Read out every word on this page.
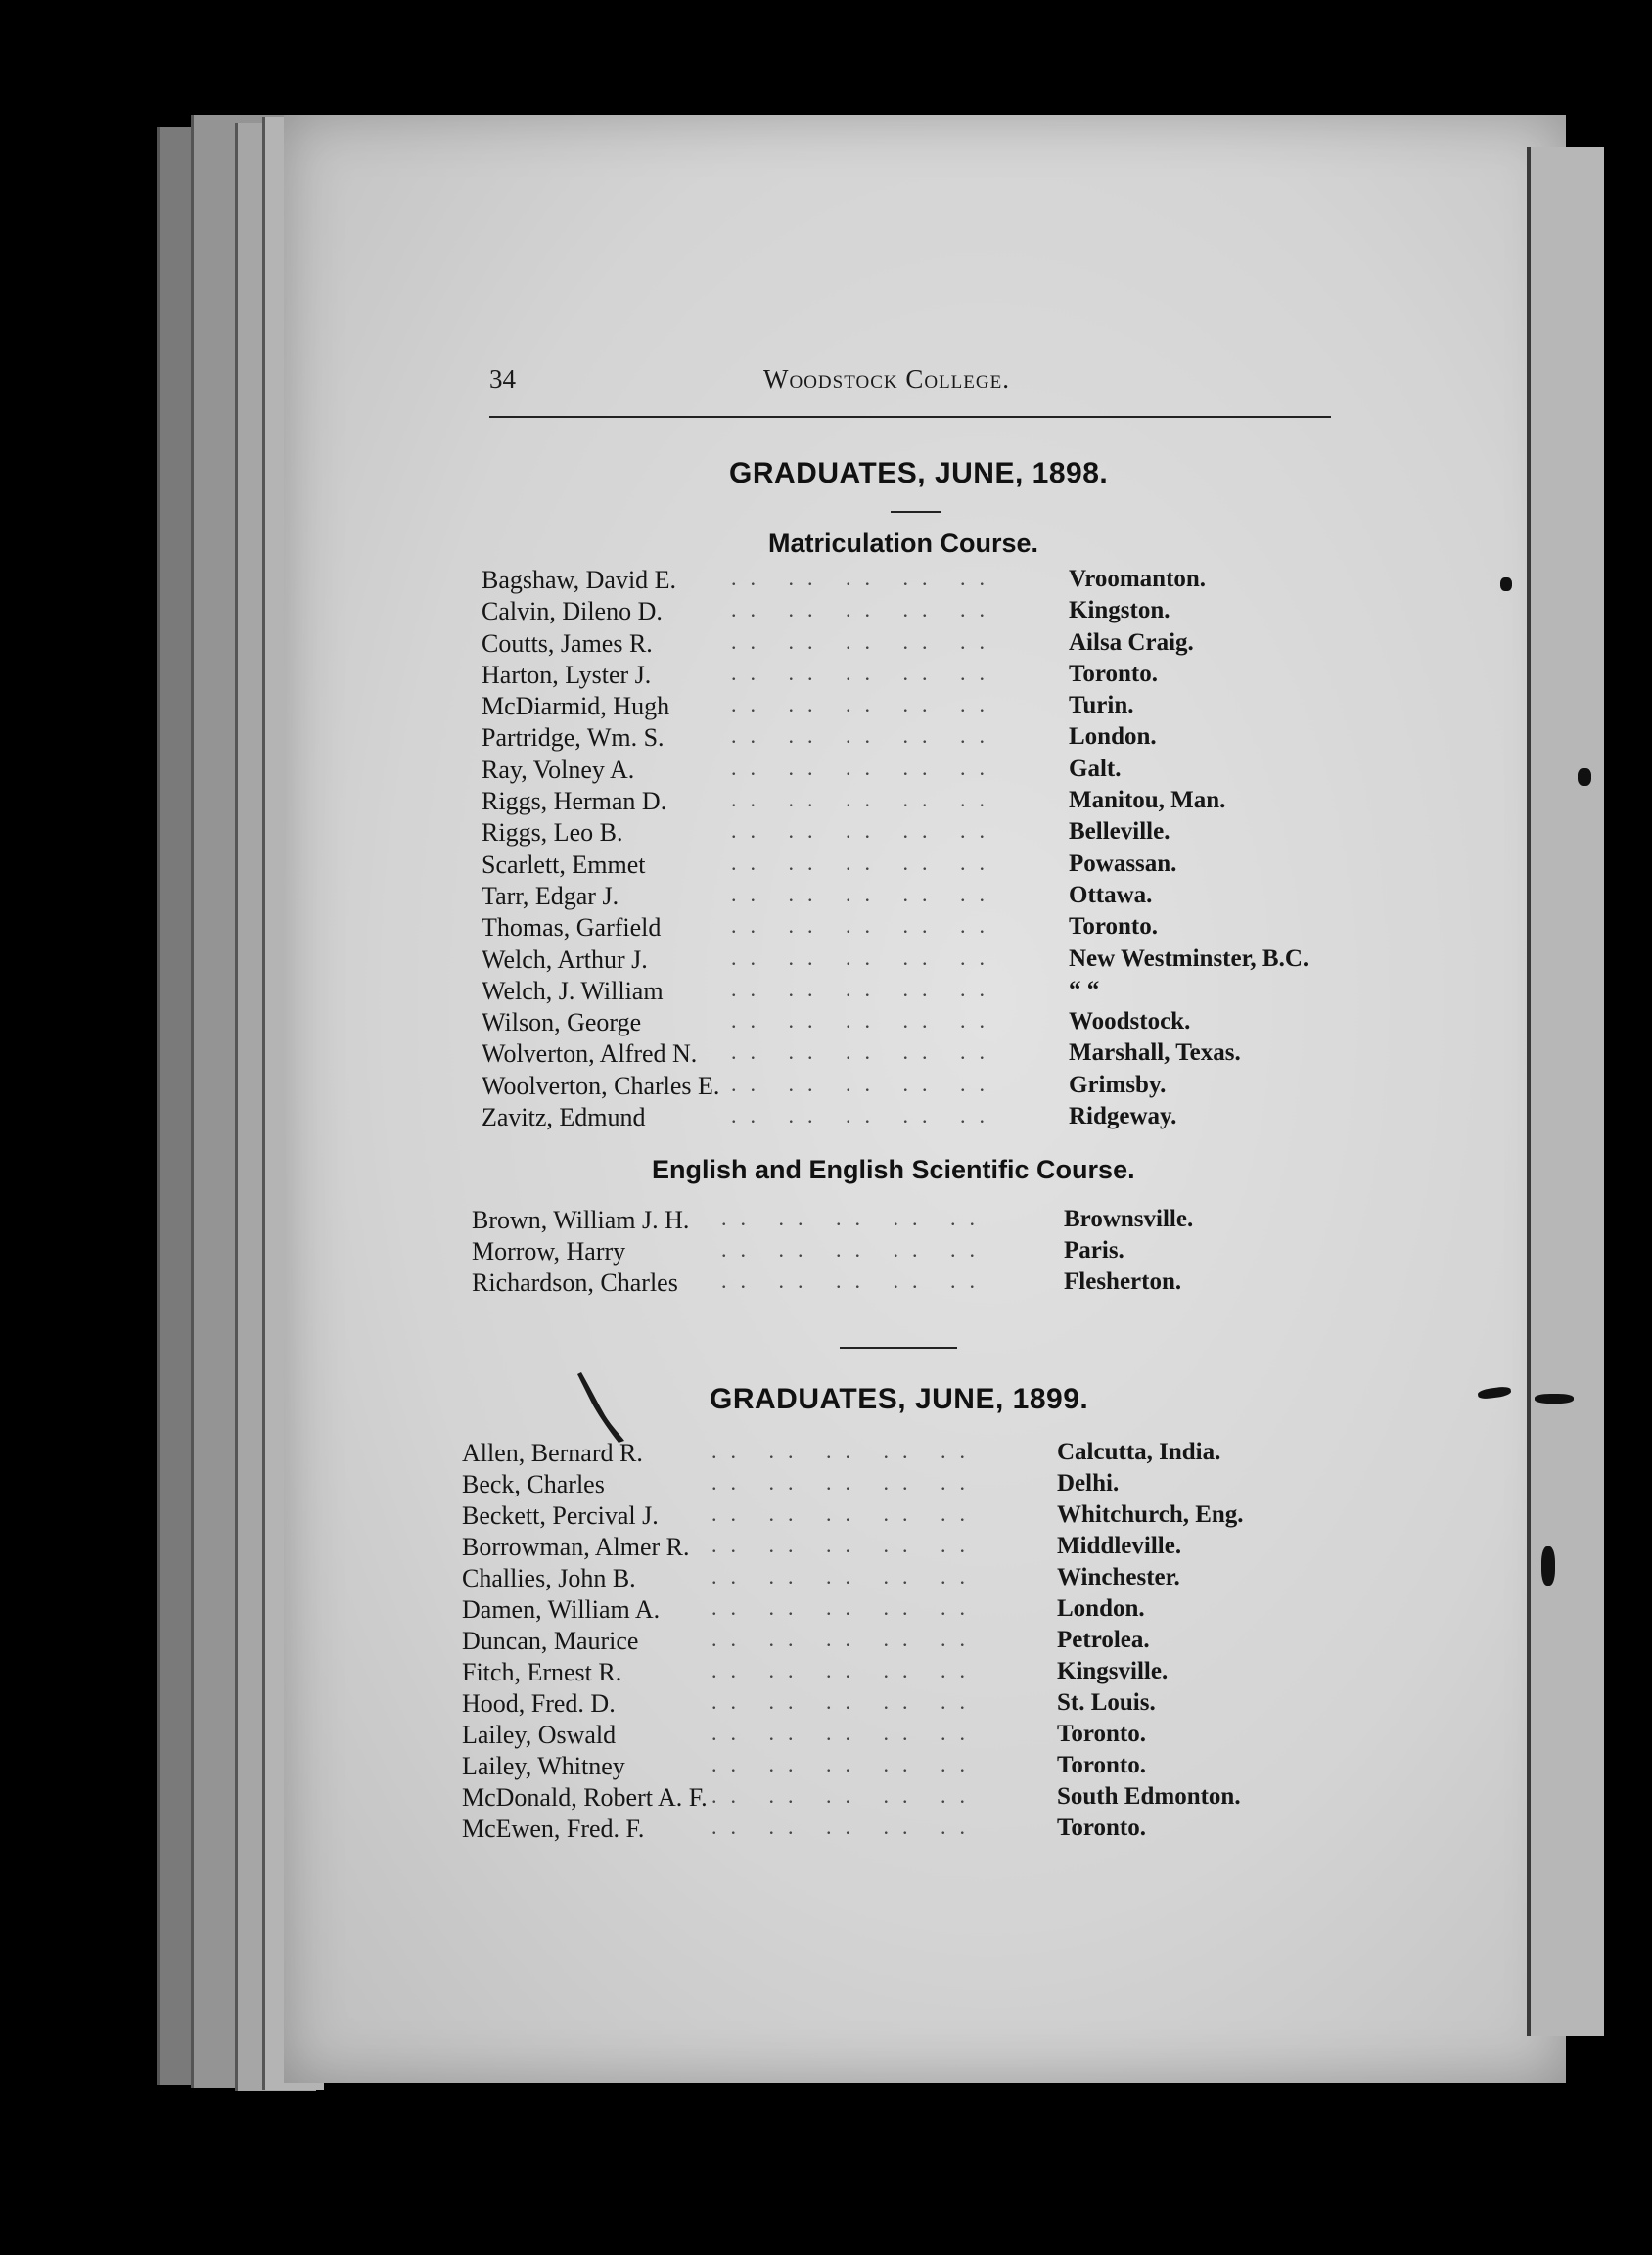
34	Woodstock College.
GRADUATES, JUNE, 1898.
Matriculation Course.
Bagshaw, David E.	.. .. .. .. ..	Vroomanton.
Calvin, Dileno D.	.. .. .. .. ..	Kingston.
Coutts, James R.	.. .. .. .. ..	Ailsa Craig.
Harton, Lyster J.	.. .. .. .. ..	Toronto.
McDiarmid, Hugh	.. .. .. .. ..	Turin.
Partridge, Wm. S.	.. .. .. .. ..	London.
Ray, Volney A.	.. .. .. .. ..	Galt.
Riggs, Herman D.	.. .. .. .. ..	Manitou, Man.
Riggs, Leo B.	.. .. .. .. ..	Belleville.
Scarlett, Emmet	.. .. .. .. ..	Powassan.
Tarr, Edgar J.	.. .. .. .. ..	Ottawa.
Thomas, Garfield	.. .. .. .. ..	Toronto.
Welch, Arthur J.	.. .. .. .. ..	New Westminster, B.C.
Welch, J. William	.. .. .. .. ..	“ “
Wilson, George	.. .. .. .. ..	Woodstock.
Wolverton, Alfred N. .. .. .. .. ..	Marshall, Texas.
Woolverton, Charles E. .. .. .. .. ..	Grimsby.
Zavitz, Edmund	.. .. .. .. ..	Ridgeway.
English and English Scientific Course.
Brown, William J. H. .. .. .. .. ..	Brownsville.
Morrow, Harry	.. .. .. .. ..	Paris.
Richardson, Charles .. .. .. .. ..	Flesherton.
GRADUATES, JUNE, 1899.
Allen, Bernard R.	.. .. .. .. ..	Calcutta, India.
Beck, Charles	.. .. .. .. ..	Delhi.
Beckett, Percival J. .. .. .. .. ..	Whitchurch, Eng.
Borrowman, Almer R. .. .. .. .. ..	Middleville.
Challies, John B.	.. .. .. .. ..	Winchester.
Damen, William A. .. .. .. .. ..	London.
Duncan, Maurice	.. .. .. .. ..	Petrolea.
Fitch, Ernest R.	.. .. .. .. ..	Kingsville.
Hood, Fred. D.	.. .. .. .. ..	St. Louis.
Lailey, Oswald	.. .. .. .. ..	Toronto.
Lailey, Whitney	.. .. .. .. ..	Toronto.
McDonald, Robert A. F. .. .. .. .. ..	South Edmonton.
McEwen, Fred. F.	.. .. .. .. ..	Toronto.
